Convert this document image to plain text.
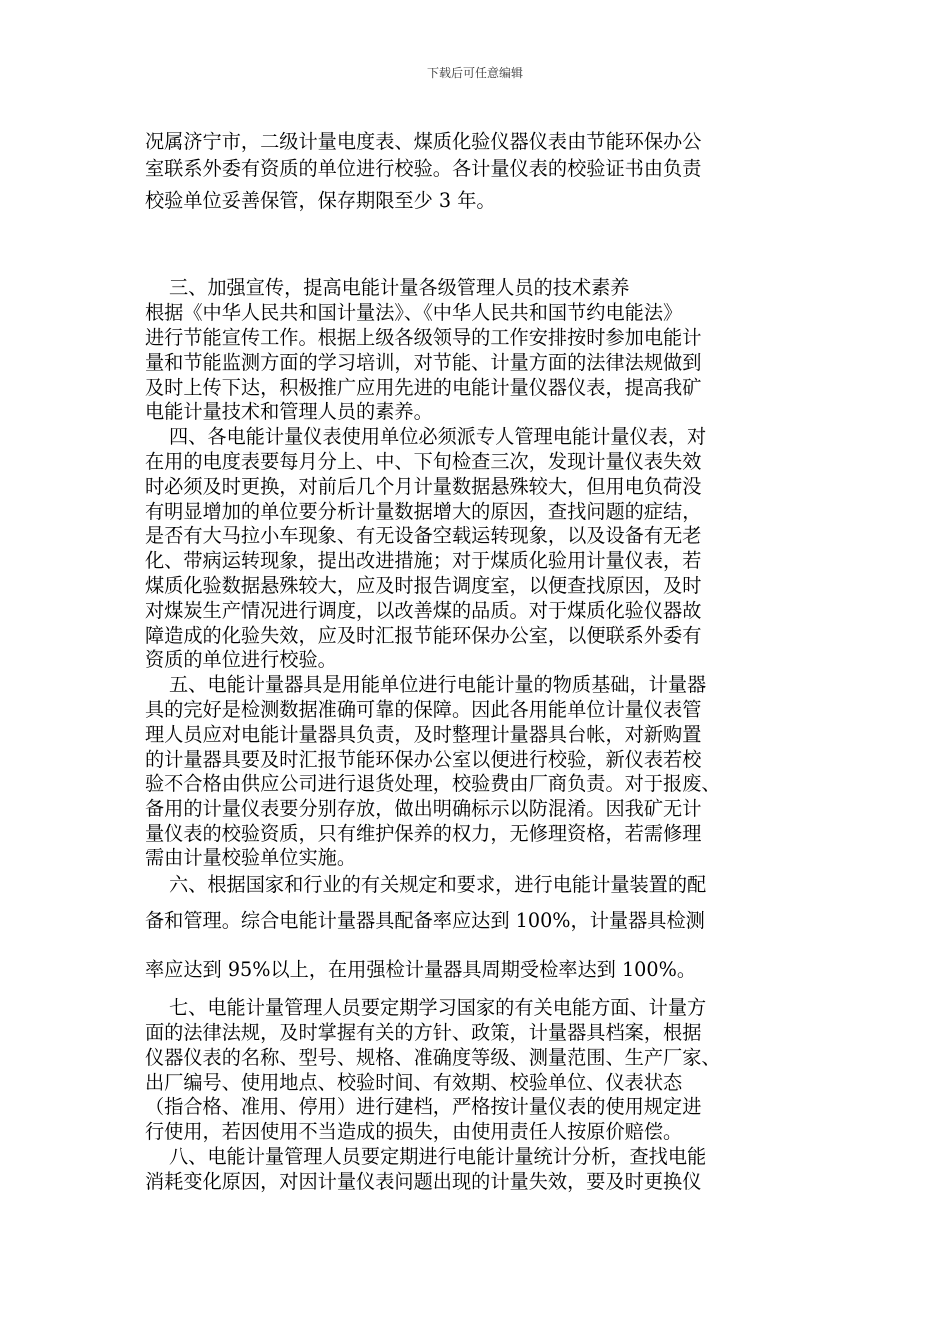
下载后可任意编辑

况属济宁市，二级计量电度表、煤质化验仪器仪表由节能环保办公

室联系外委有资质的单位进行校验。各计量仪表的校验证书由负责

校验单位妥善保管，保存期限至少 3 年。

三、加强宣传，提高电能计量各级管理人员的技术素养

根据《中华人民共和国计量法》、《中华人民共和国节约电能法》

进行节能宣传工作。根据上级各级领导的工作安排按时参加电能计

量和节能监测方面的学习培训，对节能、计量方面的法律法规做到

及时上传下达，积极推广应用先进的电能计量仪器仪表，提高我矿

电能计量技术和管理人员的素养。

四、各电能计量仪表使用单位必须派专人管理电能计量仪表，对

在用的电度表要每月分上、中、下旬检查三次，发现计量仪表失效

时必须及时更换，对前后几个月计量数据悬殊较大，但用电负荷没

有明显增加的单位要分析计量数据增大的原因，查找问题的症结，

是否有大马拉小车现象、有无设备空载运转现象，以及设备有无老

化、带病运转现象，提出改进措施；对于煤质化验用计量仪表，若

煤质化验数据悬殊较大，应及时报告调度室，以便查找原因，及时

对煤炭生产情况进行调度，以改善煤的品质。对于煤质化验仪器故

障造成的化验失效，应及时汇报节能环保办公室，以便联系外委有

资质的单位进行校验。

五、电能计量器具是用能单位进行电能计量的物质基础，计量器

具的完好是检测数据准确可靠的保障。因此各用能单位计量仪表管

理人员应对电能计量器具负责，及时整理计量器具台帐，对新购置

的计量器具要及时汇报节能环保办公室以便进行校验，新仪表若校

验不合格由供应公司进行退货处理，校验费由厂商负责。对于报废、

备用的计量仪表要分别存放，做出明确标示以防混淆。因我矿无计

量仪表的校验资质，只有维护保养的权力，无修理资格，若需修理

需由计量校验单位实施。

六、根据国家和行业的有关规定和要求，进行电能计量装置的配

备和管理。综合电能计量器具配备率应达到 100%，计量器具检测

率应达到 95%以上，在用强检计量器具周期受检率达到 100%。

七、电能计量管理人员要定期学习国家的有关电能方面、计量方

面的法律法规，及时掌握有关的方针、政策，计量器具档案，根据

仪器仪表的名称、型号、规格、准确度等级、测量范围、生产厂家、

出厂编号、使用地点、校验时间、有效期、校验单位、仪表状态

（指合格、准用、停用）进行建档，严格按计量仪表的使用规定进

行使用，若因使用不当造成的损失，由使用责任人按原价赔偿。

八、电能计量管理人员要定期进行电能计量统计分析，查找电能

消耗变化原因，对因计量仪表问题出现的计量失效，要及时更换仪
